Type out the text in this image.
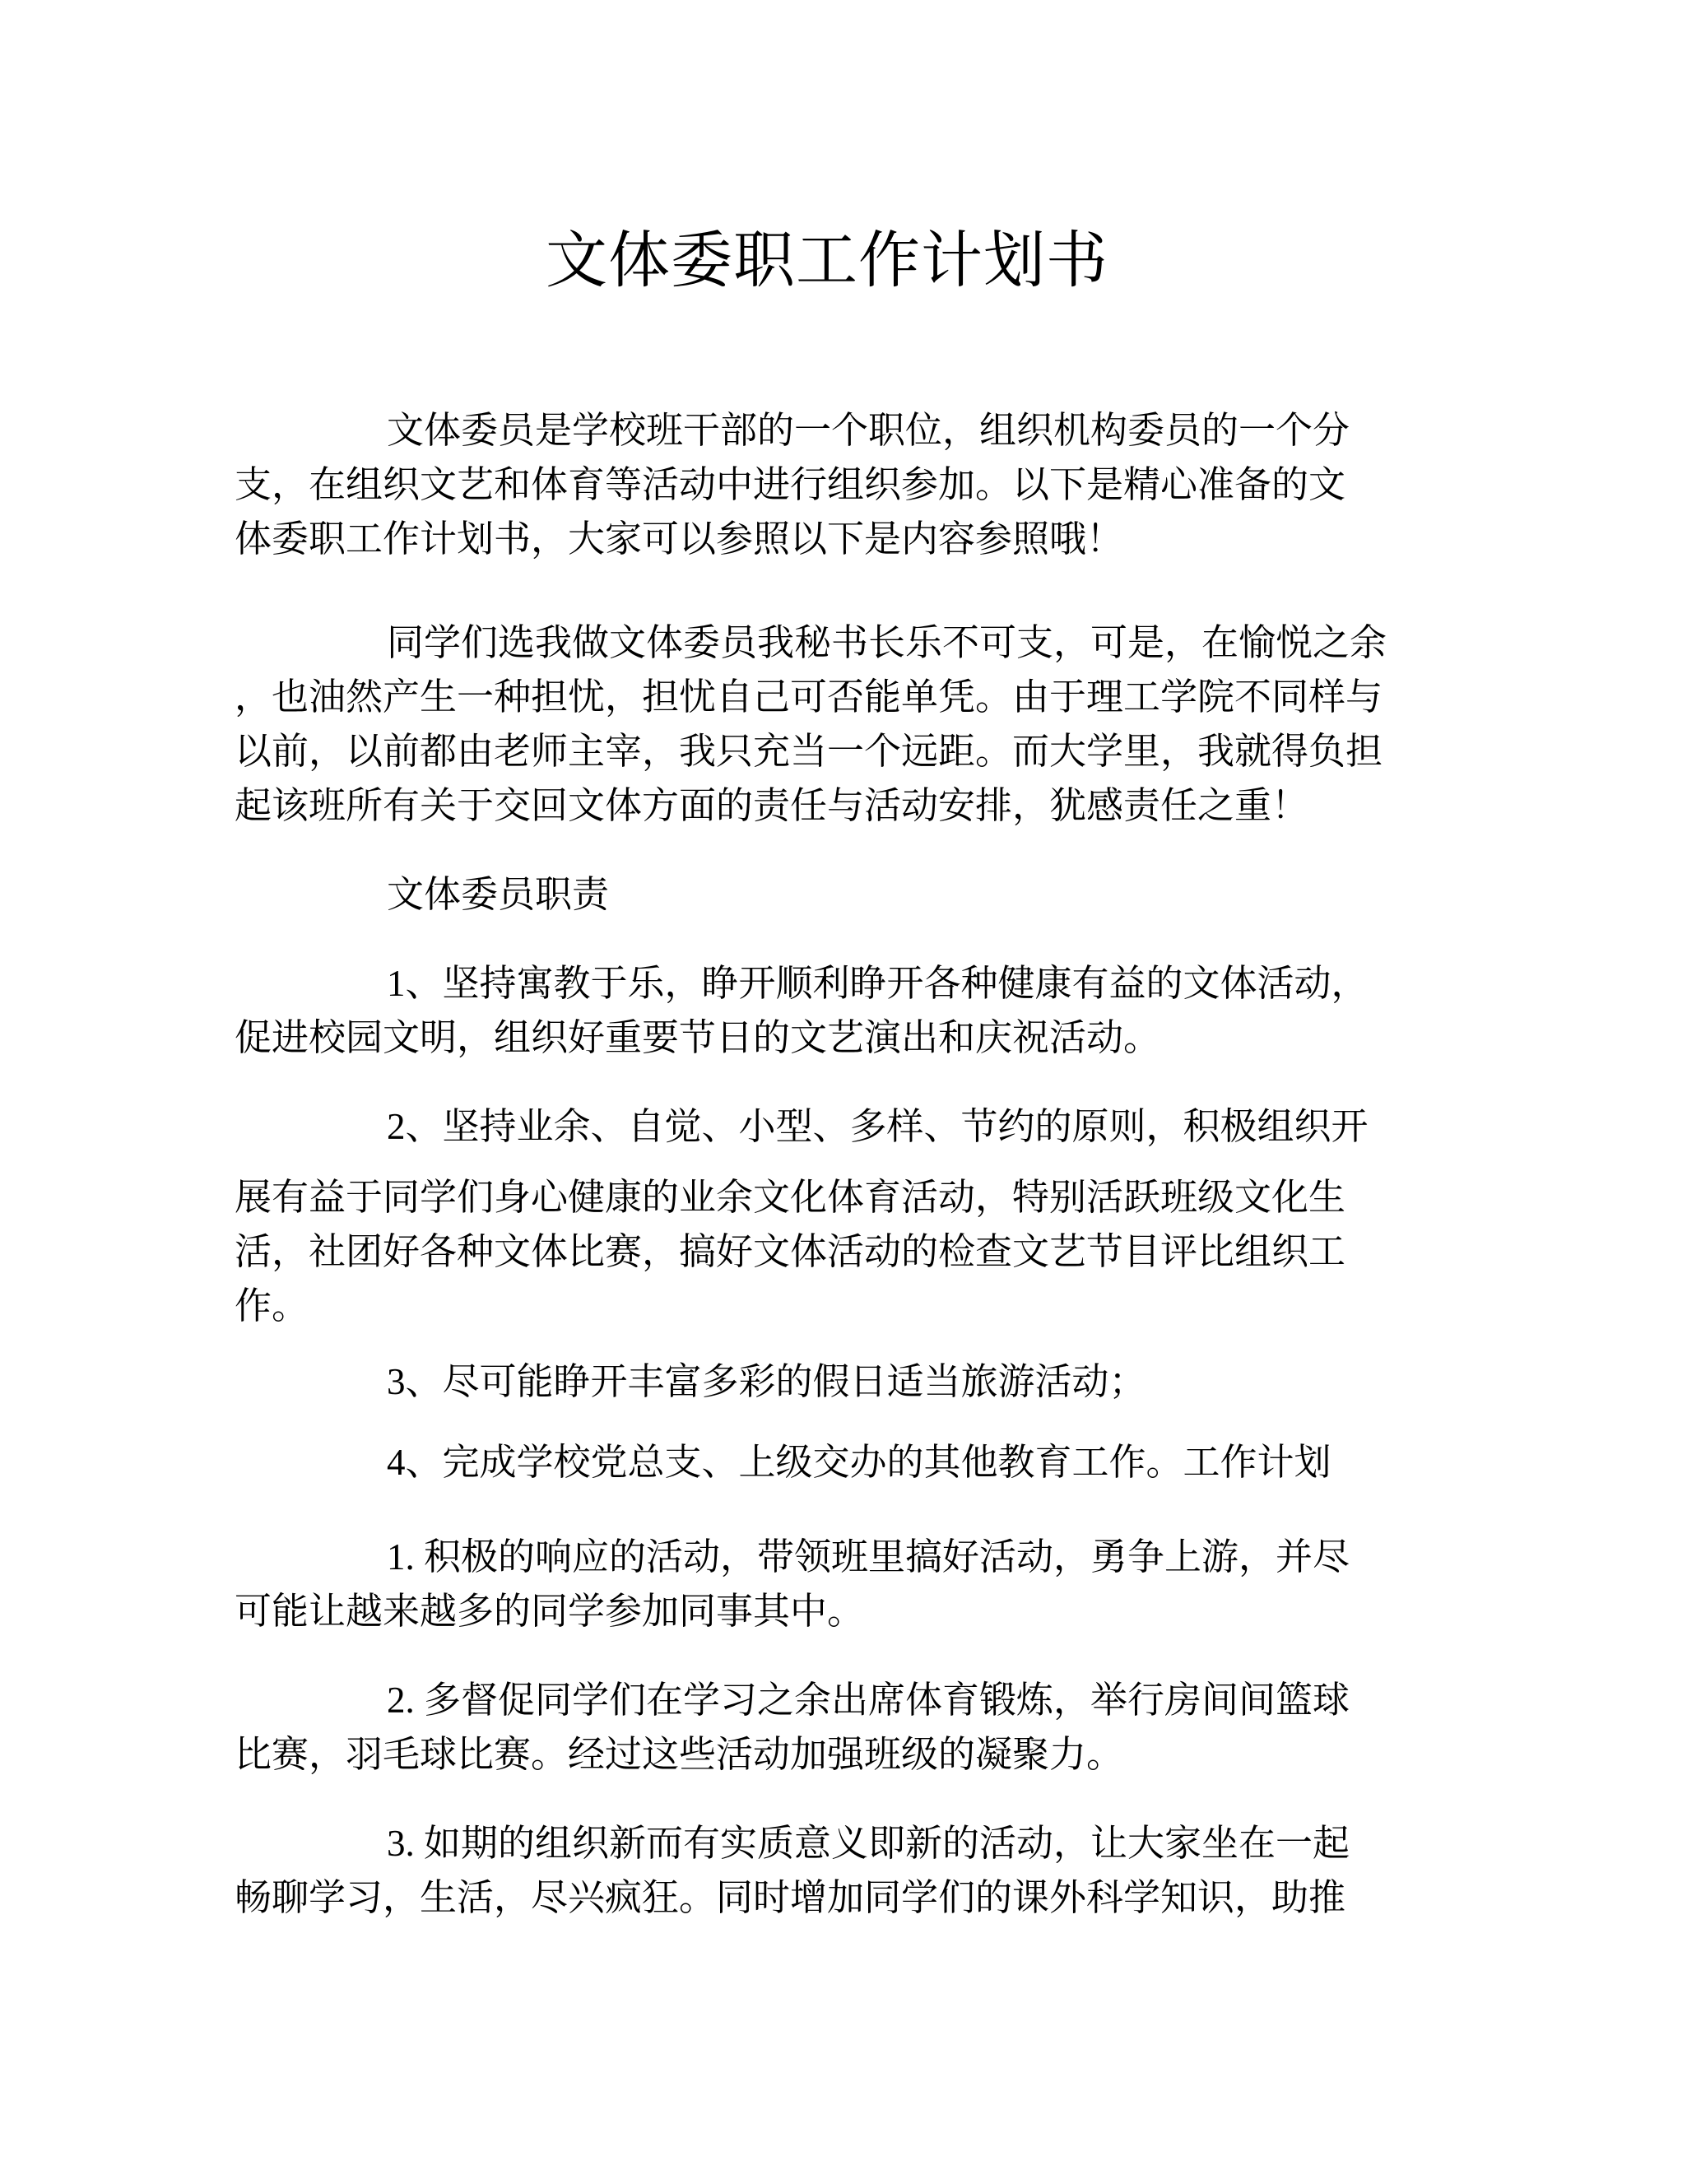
文体委职工作计划书
文体委员是学校班干部的一个职位，组织机构委员的一个分
支，在组织文艺和体育等活动中进行组织参加。以下是精心准备的文
体委职工作计划书，大家可以参照以下是内容参照哦！
同学们选我做文体委员我秘书长乐不可支，可是，在愉悦之余
，也油然产生一种担忧，担忧自己可否能单凭。由于理工学院不同样与
以前，以前都由老师主宰，我只充当一个远距。而大学里，我就得负担
起该班所有关于交回文体方面的责任与活动安排，犹感责任之重！
文体委员职责
1、坚持寓教于乐，睁开顺利睁开各种健康有益的文体活动，
促进校园文明，组织好重要节日的文艺演出和庆祝活动。
2、坚持业余、自觉、小型、多样、节约的原则，积极组织开
展有益于同学们身心健康的业余文化体育活动，特别活跃班级文化生
活，社团好各种文体比赛，搞好文体活动的检查文艺节目评比组织工
作。
3、尽可能睁开丰富多彩的假日适当旅游活动；
4、完成学校党总支、上级交办的其他教育工作。工作计划
1. 积极的响应的活动，带领班里搞好活动，勇争上游，并尽
可能让越来越多的同学参加同事其中。
2. 多督促同学们在学习之余出席体育锻炼，举行房间间篮球
比赛，羽毛球比赛。经过这些活动加强班级的凝聚力。
3. 如期的组织新而有实质意义即新的活动，让大家坐在一起
畅聊学习，生活，尽兴疯狂。同时增加同学们的课外科学知识，助推
